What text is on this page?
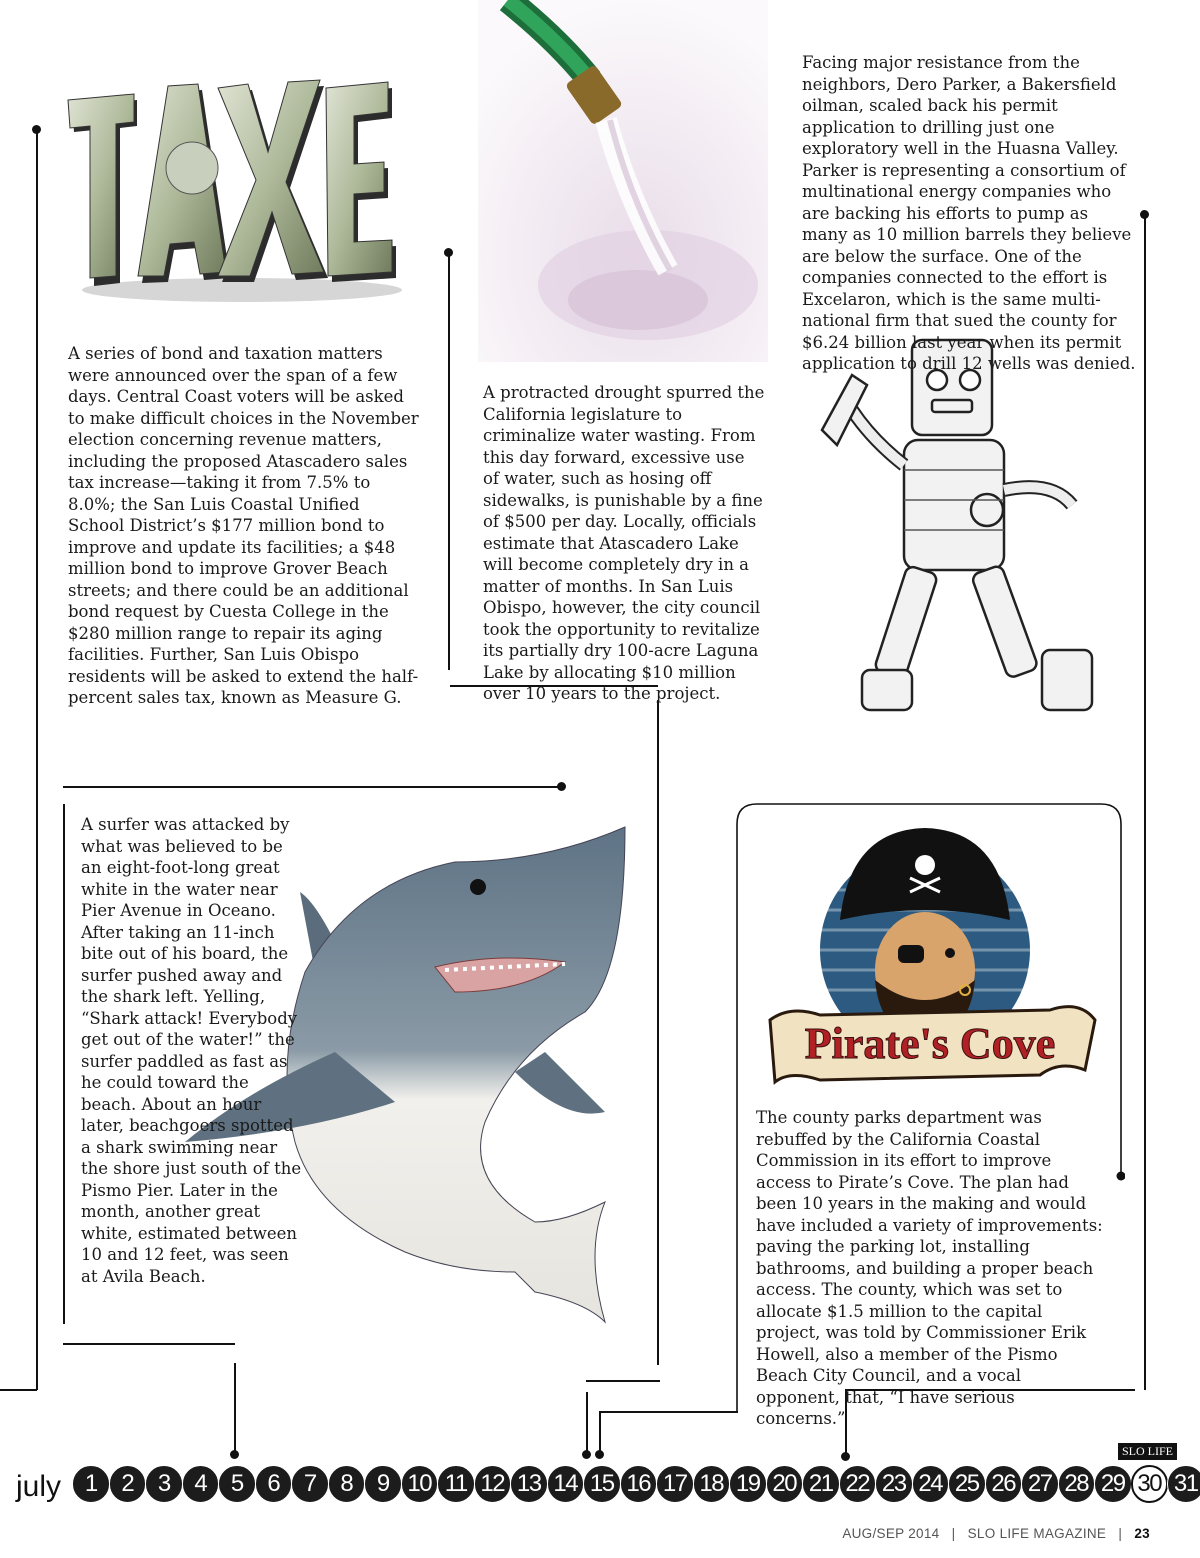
Pirate's Cove

A series of bond and taxation matters were announced over the span of a few days. Central Coast voters will be asked to make difficult choices in the November election concerning revenue matters, including the proposed Atascadero sales tax increase—taking it from 7.5% to 8.0%; the San Luis Coastal Unified School District’s $177 million bond to improve and update its facilities; a $48 million bond to improve Grover Beach streets; and there could be an additional bond request by Cuesta College in the $280 million range to repair its aging facilities. Further, San Luis Obispo residents will be asked to extend the half-percent sales tax, known as Measure G.

A protracted drought spurred the California legislature to criminalize water wasting. From this day forward, excessive use of water, such as hosing off sidewalks, is punishable by a fine of $500 per day. Locally, officials estimate that Atascadero Lake will become completely dry in a matter of months. In San Luis Obispo, however, the city council took the opportunity to revitalize its partially dry 100-acre Laguna Lake by allocating $10 million over 10 years to the project.

Facing major resistance from the neighbors, Dero Parker, a Bakersfield oilman, scaled back his permit application to drilling just one exploratory well in the Huasna Valley. Parker is representing a consortium of multinational energy companies who are backing his efforts to pump as many as 10 million barrels they believe are below the surface. One of the companies connected to the effort is Excelaron, which is the same multi-national firm that sued the county for $6.24 billion last year when its permit application to drill 12 wells was denied.

A surfer was attacked by what was believed to be an eight-foot-long great white in the water near Pier Avenue in Oceano. After taking an 11-inch bite out of his board, the surfer pushed away and the shark left. Yelling, “Shark attack! Everybody get out of the water!” the surfer paddled as fast as he could toward the beach. About an hour later, beachgoers spotted a shark swimming near the shore just south of the Pismo Pier. Later in the month, another great white, estimated between 10 and 12 feet, was seen at Avila Beach.

The county parks department was rebuffed by the California Coastal Commission in its effort to improve access to Pirate’s Cove. The plan had been 10 years in the making and would have included a variety of improvements: paving the parking lot, installing bathrooms, and building a proper beach access. The county, which was set to allocate $1.5 million to the capital project, was told by Commissioner Erik Howell, also a member of the Pismo Beach City Council, and a vocal opponent, that, “I have serious concerns.”

SLO LIFE
july 1	2	3	4	5	6	7	8	9 10 11 12 13 14 15 16 17 18 19 20 21 22 23 24 25 26 27 28 29 30 31
AUG/SEP 2014   |   SLO LIFE MAGAZINE   |   23
